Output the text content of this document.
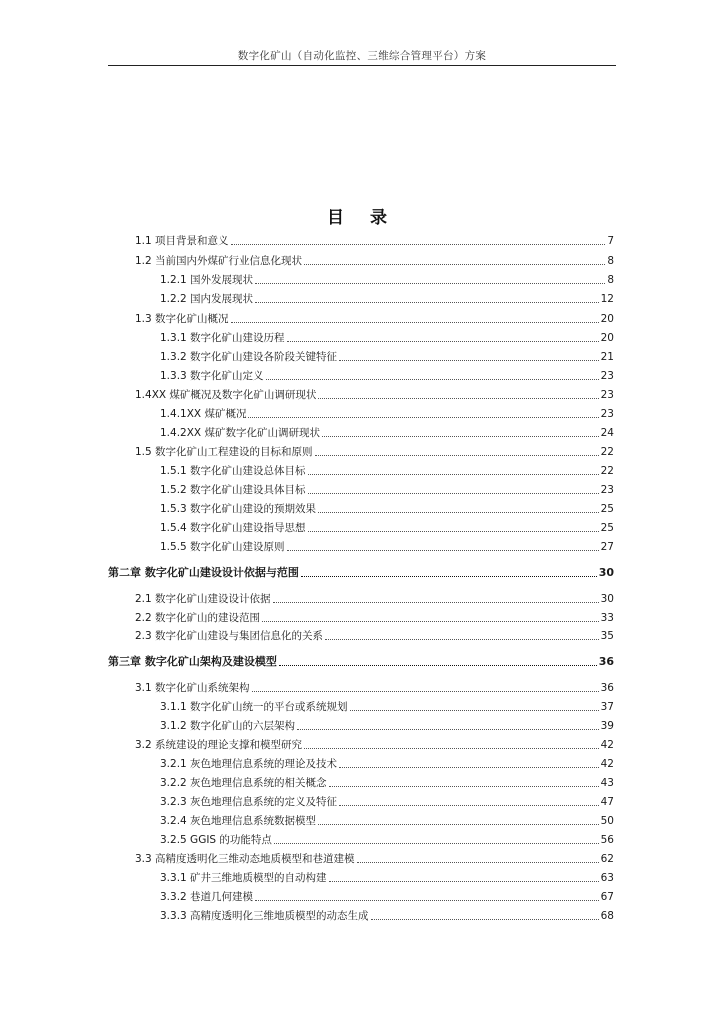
数字化矿山（自动化监控、三维综合管理平台）方案
目 录
1.1 项目背景和意义	7
1.2 当前国内外煤矿行业信息化现状	8
1.2.1 国外发展现状	8
1.2.2 国内发展现状	12
1.3 数字化矿山概况	20
1.3.1 数字化矿山建设历程	20
1.3.2 数字化矿山建设各阶段关键特征	21
1.3.3 数字化矿山定义	23
1.4XX 煤矿概况及数字化矿山调研现状	23
1.4.1XX 煤矿概况	23
1.4.2XX 煤矿数字化矿山调研现状	24
1.5 数字化矿山工程建设的目标和原则	22
1.5.1 数字化矿山建设总体目标	22
1.5.2 数字化矿山建设具体目标	23
1.5.3 数字化矿山建设的预期效果	25
1.5.4 数字化矿山建设指导思想	25
1.5.5 数字化矿山建设原则	27
第二章 数字化矿山建设设计依据与范围	30
2.1 数字化矿山建设设计依据	30
2.2 数字化矿山的建设范围	33
2.3 数字化矿山建设与集团信息化的关系	35
第三章 数字化矿山架构及建设模型	36
3.1 数字化矿山系统架构	36
3.1.1 数字化矿山统一的平台或系统规划	37
3.1.2 数字化矿山的六层架构	39
3.2 系统建设的理论支撑和模型研究	42
3.2.1 灰色地理信息系统的理论及技术	42
3.2.2 灰色地理信息系统的相关概念	43
3.2.3 灰色地理信息系统的定义及特征	47
3.2.4 灰色地理信息系统数据模型	50
3.2.5 GGIS 的功能特点	56
3.3 高精度透明化三维动态地质模型和巷道建模	62
3.3.1 矿井三维地质模型的自动构建	63
3.3.2 巷道几何建模	67
3.3.3 高精度透明化三维地质模型的动态生成	68
